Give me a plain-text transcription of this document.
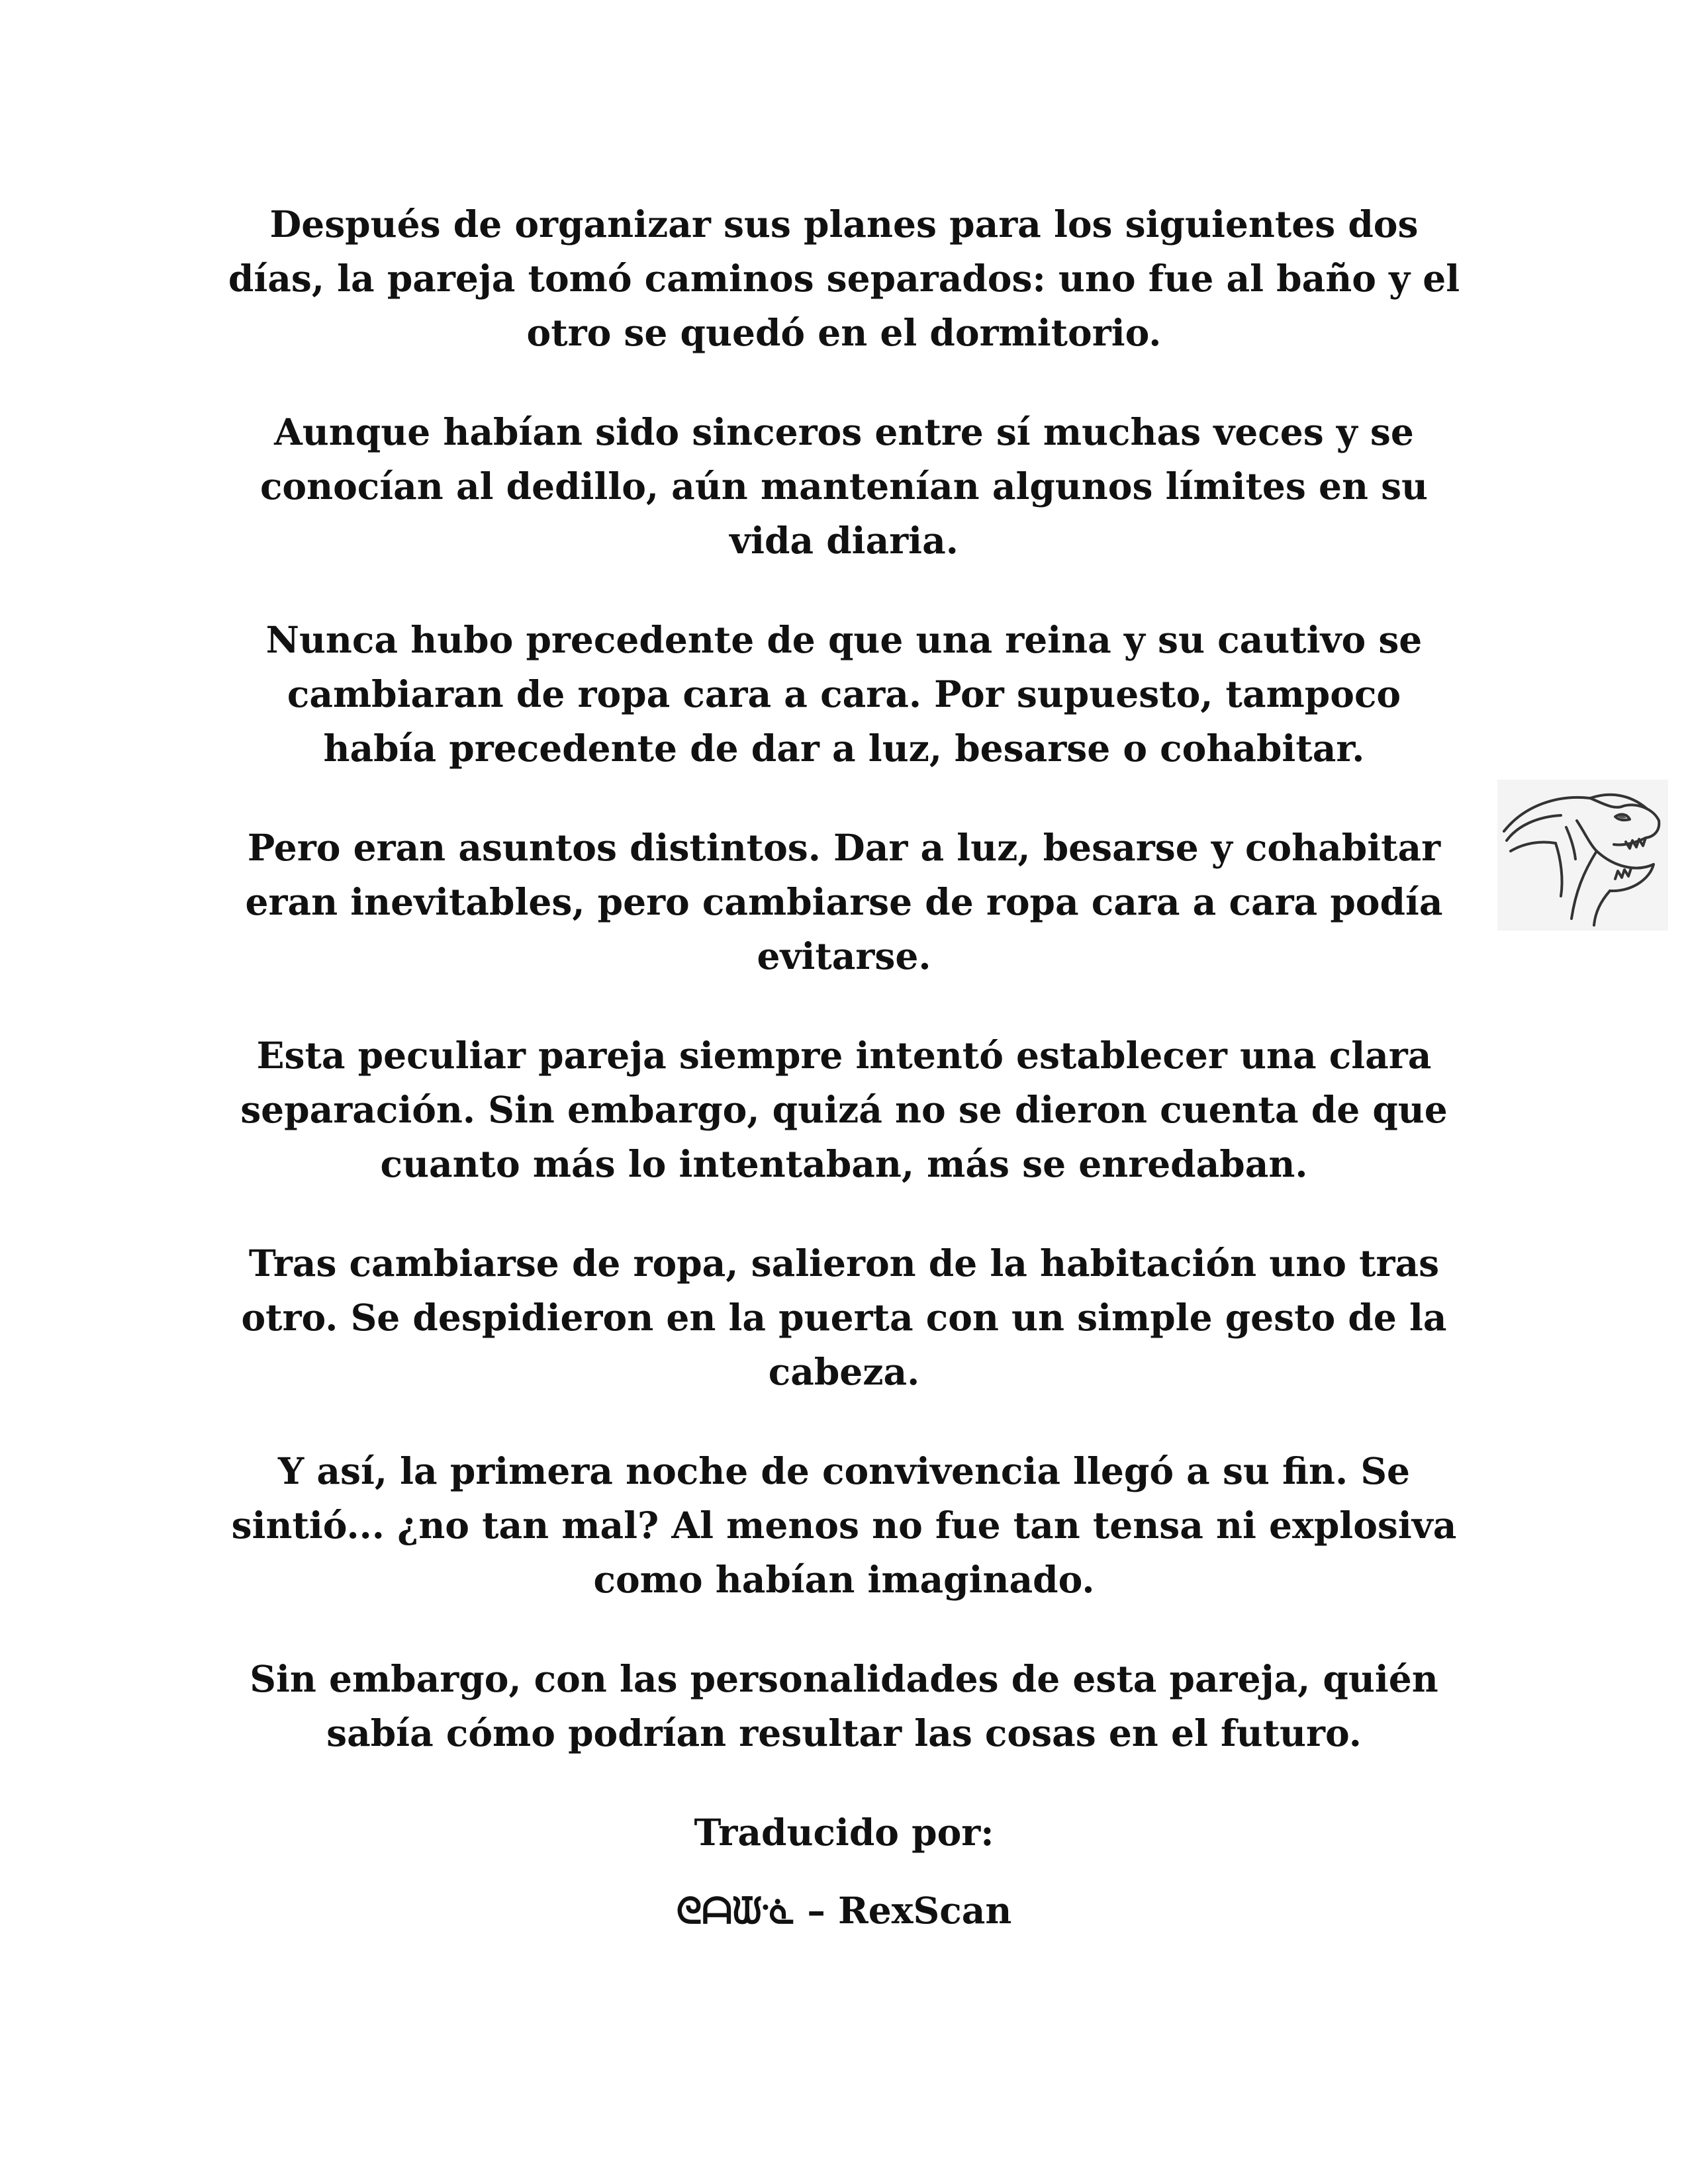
Después de organizar sus planes para los siguientes dos días, la pareja tomó caminos separados: uno fue al baño y el otro se quedó en el dormitorio.

Aunque habían sido sinceros entre sí muchas veces y se conocían al dedillo, aún mantenían algunos límites en su vida diaria.

Nunca hubo precedente de que una reina y su cautivo se cambiaran de ropa cara a cara. Por supuesto, tampoco había precedente de dar a luz, besarse o cohabitar.

Pero eran asuntos distintos. Dar a luz, besarse y cohabitar eran inevitables, pero cambiarse de ropa cara a cara podía evitarse.

Esta peculiar pareja siempre intentó establecer una clara separación. Sin embargo, quizá no se dieron cuenta de que cuanto más lo intentaban, más se enredaban.

Tras cambiarse de ropa, salieron de la habitación uno tras otro. Se despidieron en la puerta con un simple gesto de la cabeza.

Y así, la primera noche de convivencia llegó a su fin. Se sintió... ¿no tan mal? Al menos no fue tan tensa ni explosiva como habían imaginado.

Sin embargo, con las personalidades de esta pareja, quién sabía cómo podrían resultar las cosas en el futuro.

Traducido por:

ᘓᗩᙡᓍ – RexScan
